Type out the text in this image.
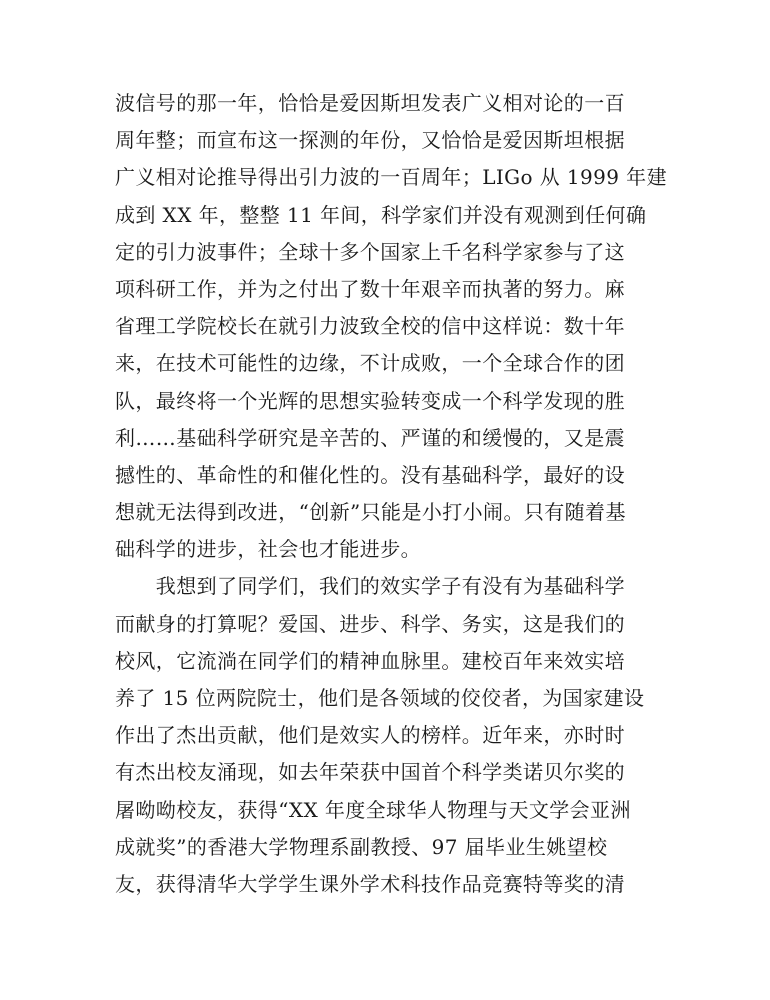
波信号的那一年，恰恰是爱因斯坦发表广义相对论的一百
周年整；而宣布这一探测的年份，又恰恰是爱因斯坦根据
广义相对论推导得出引力波的一百周年；LIGo 从 1999 年建
成到 XX 年，整整 11 年间，科学家们并没有观测到任何确
定的引力波事件；全球十多个国家上千名科学家参与了这
项科研工作，并为之付出了数十年艰辛而执著的努力。麻
省理工学院校长在就引力波致全校的信中这样说：数十年
来，在技术可能性的边缘，不计成败，一个全球合作的团
队，最终将一个光辉的思想实验转变成一个科学发现的胜
利……基础科学研究是辛苦的、严谨的和缓慢的，又是震
撼性的、革命性的和催化性的。没有基础科学，最好的设
想就无法得到改进，“创新”只能是小打小闹。只有随着基
础科学的进步，社会也才能进步。
　　我想到了同学们，我们的效实学子有没有为基础科学
而献身的打算呢？爱国、进步、科学、务实，这是我们的
校风，它流淌在同学们的精神血脉里。建校百年来效实培
养了 15 位两院院士，他们是各领域的佼佼者，为国家建设
作出了杰出贡献，他们是效实人的榜样。近年来，亦时时
有杰出校友涌现，如去年荣获中国首个科学类诺贝尔奖的
屠呦呦校友，获得“XX 年度全球华人物理与天文学会亚洲
成就奖”的香港大学物理系副教授、97 届毕业生姚望校
友，获得清华大学学生课外学术科技作品竞赛特等奖的清
